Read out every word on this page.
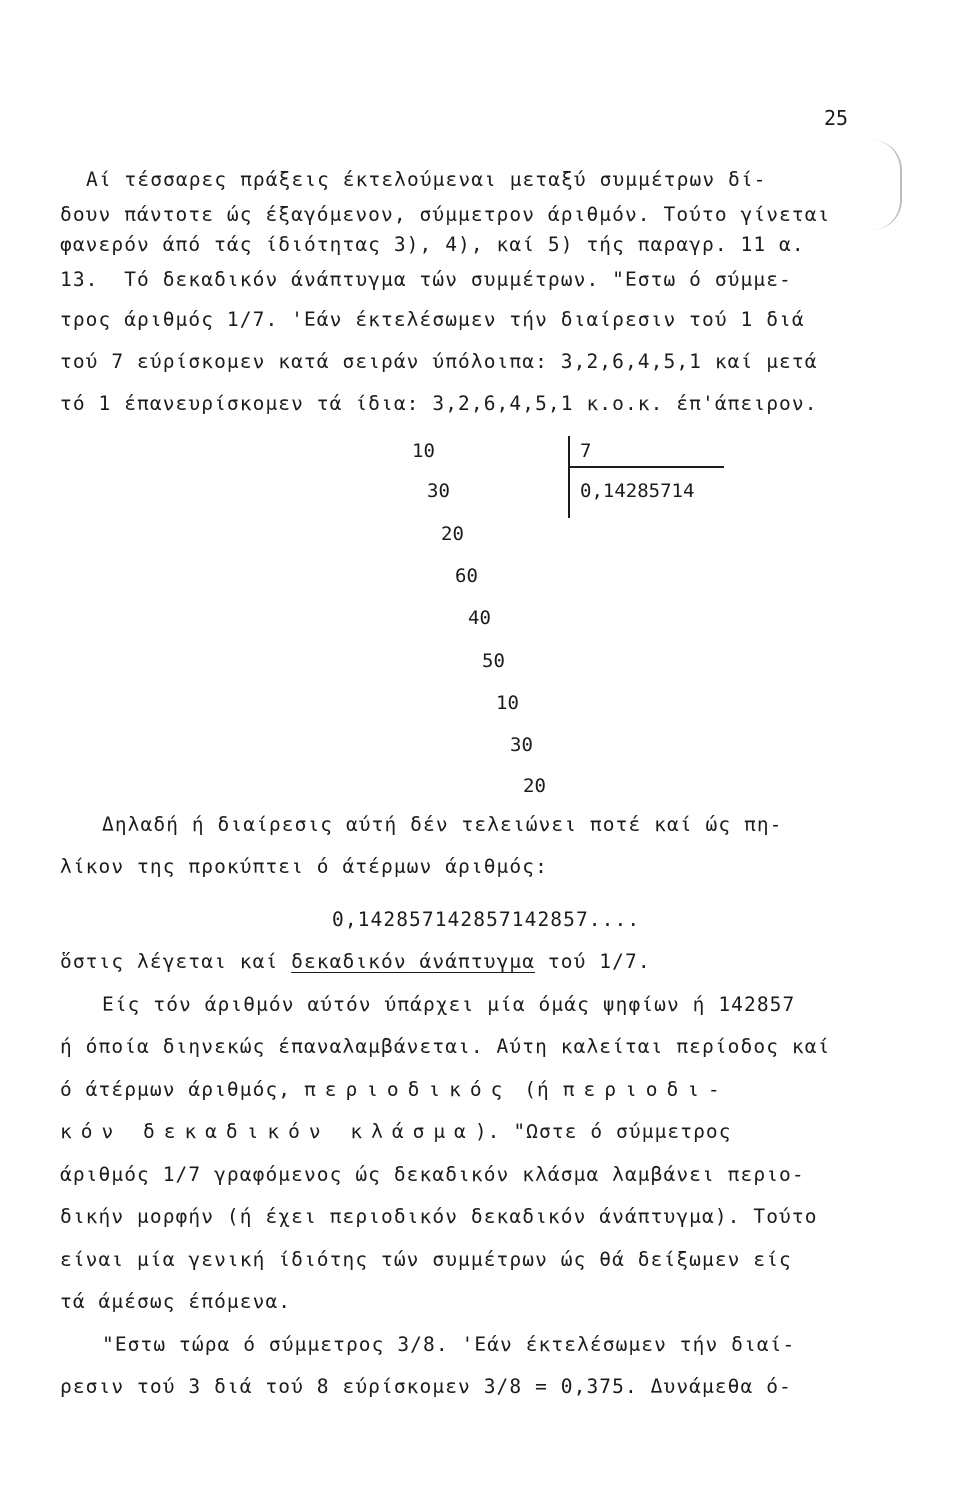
25
Aί τέσσαρες πράξεις έκτελούμεναι μεταξύ συμμέτρων δί-
δουν πάντοτε ώς έξαγόμενον, σύμμετρον άριθμόν. Τούτο γίνεται
φανερόν άπό τάς ίδιότητας 3), 4), καί 5) τής παραγρ. 11 α.
13.  Τό δεκαδικόν άνάπτυγμα τών συμμέτρων. "Εστω ό σύμμε-
τρος άριθμός 1/7. 'Εάν έκτελέσωμεν τήν διαίρεσιν τού 1 διά
τού 7 εύρίσκομεν κατά σειράν ύπόλοιπα: 3,2,6,4,5,1 καί μετά
τό 1 έπανευρίσκομεν τά ίδια: 3,2,6,4,5,1 κ.ο.κ. έπ'άπειρον.
10
30
20
60
40
50
10
30
20
7
0,14285714
Δηλαδή ή διαίρεσις αύτή δέν τελειώνει ποτέ καί ώς πη-
λίκον της προκύπτει ό άτέρμων άριθμός:
0,142857142857142857....
ὅστις λέγεται καί δεκαδικόν άνάπτυγμα τού 1/7.
Είς τόν άριθμόν αύτόν ύπάρχει μία όμάς ψηφίων ή 142857
ή όποία διηνεκώς έπαναλαμβάνεται. Αύτη καλείται περίοδος καί
ό άτέρμων άριθμός, περιοδικός (ή περιοδι-
κόν δεκαδικόν κλάσμα). "Ωστε ό σύμμετρος
άριθμός 1/7 γραφόμενος ώς δεκαδικόν κλάσμα λαμβάνει περιο-
δικήν μορφήν (ή έχει περιοδικόν δεκαδικόν άνάπτυγμα). Τούτο
είναι μία γενική ίδιότης τών συμμέτρων ώς θά δείξωμεν είς
τά άμέσως έπόμενα.
"Εστω τώρα ό σύμμετρος 3/8. 'Εάν έκτελέσωμεν τήν διαί-
ρεσιν τού 3 διά τού 8 εύρίσκομεν 3/8 = 0,375. Δυνάμεθα ό-
